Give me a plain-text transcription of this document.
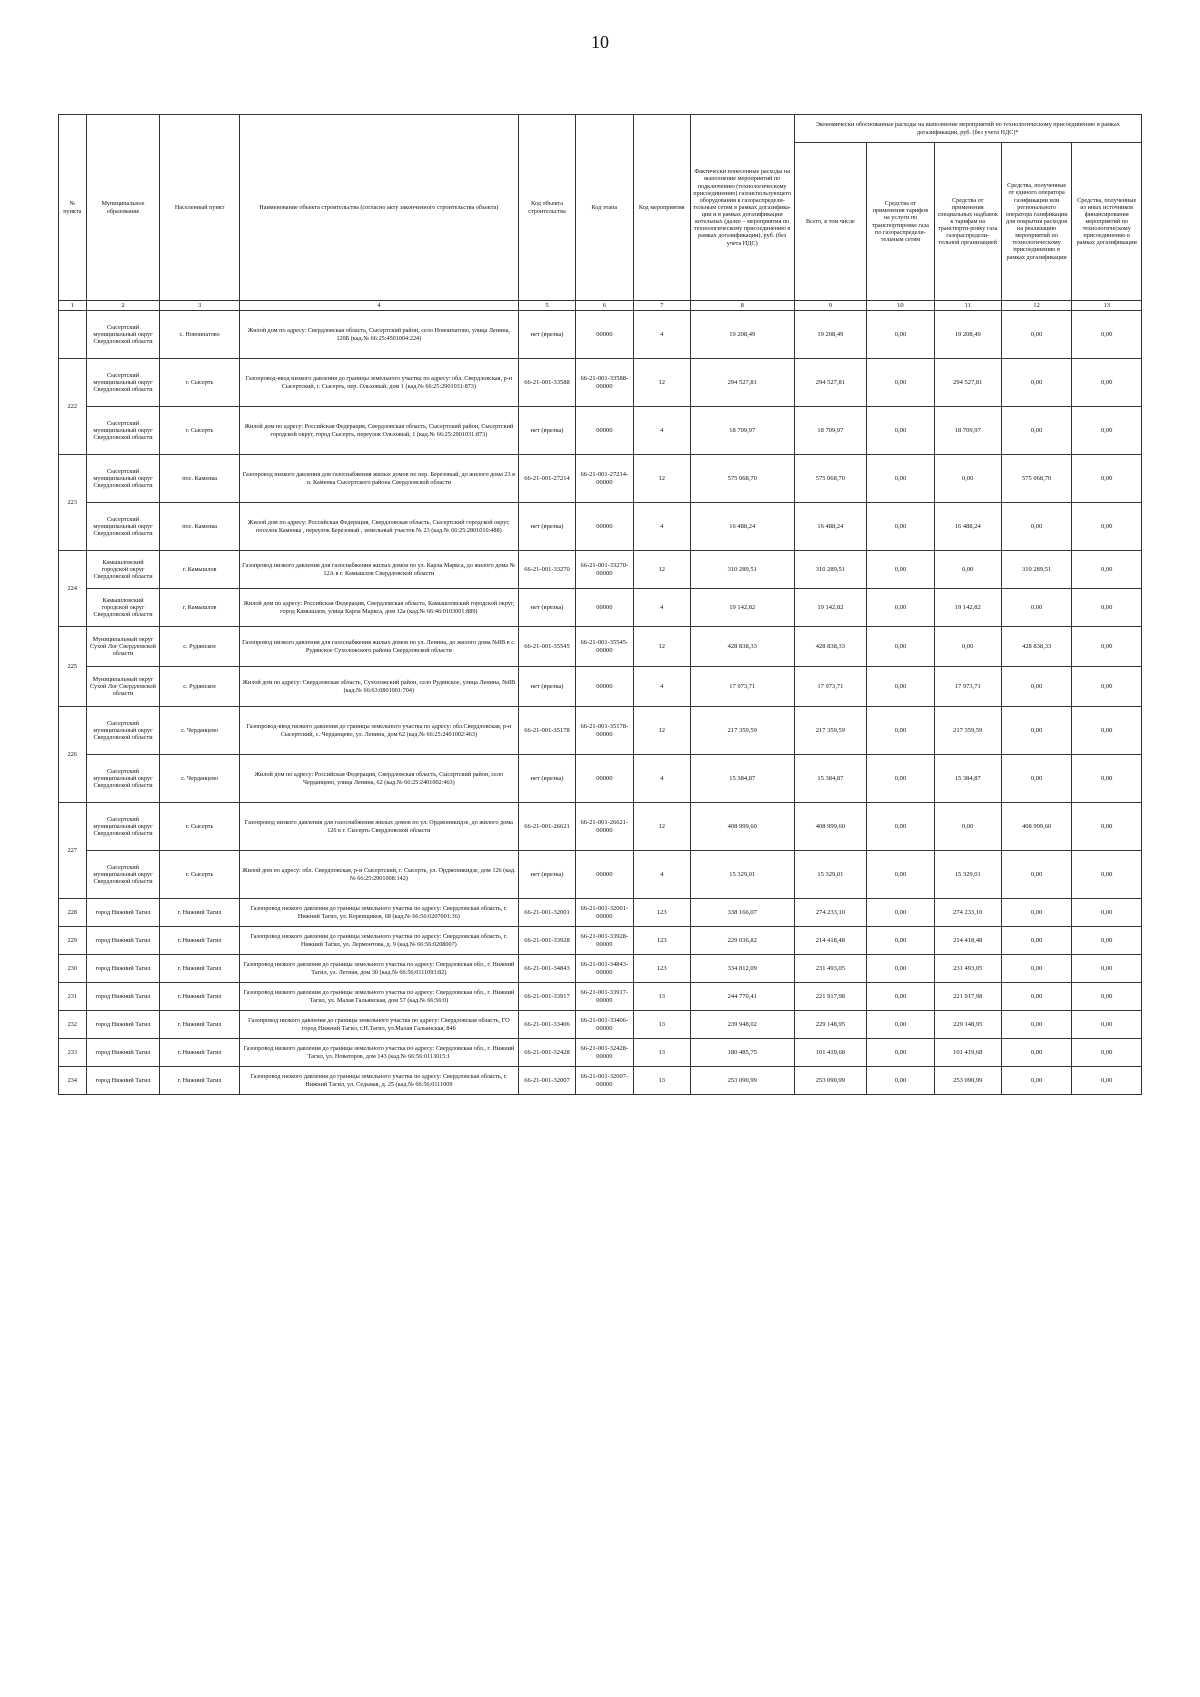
10
№ пункта	Муниципальное образование	Населенный пункт	Наименование объекта строительства (согласно акту законченного строительства объекта)	Код объекта строительства	Код этапа	Код мероприятия	Фактически понесенные расходы на выполнение мероприятий по подключению (технологическому присоединению) газоиспользующего оборудования к газораспредели-тельным сетям в рамках догазифика-ции и в рамках догазификации котельных (далее – мероприятия по технологическому присоединению в рамках догазификации), руб. (без учета НДС)	Экономически обоснованные расходы на выполнение мероприятий по технологическому присоединению в рамках догазификации, руб. (без учета НДС)*				
								Всего, в том числе	Средства от применения тарифов на услуги по транспортировке газа по газораспредели-тельным сетям	Средства от применения специальных надбавок к тарифам на транспорти-ровку газа газораспредели-тельной организацией	Средства, полученные от единого оператора газификации или регионального оператора газификации для покрытия расходов на реализацию мероприятий по технологическому присоединению в рамках догазификации	Средства, полученные из иных источников финансирования мероприятий по технологическому присоединению в рамках догазификации
1	2	3	4	5	6	7	8	9	10	11	12	13
	Сысертский муниципальный округ Свердловской области	с. Новоипатово	Жилой дом по адресу: Свердловская область, Сысертский район, село Новоипатово, улица Ленина, 120Б (кад.№ 66:25:4501004:224)	нет (врезка)	00000	4	19 208,49	19 208,49	0,00	19 208,49	0,00	0,00
222	Сысертский муниципальный округ Свердловской области	г. Сысерть	Газопровод-ввод низкого давления до границы земельного участка по адресу: обл. Свердловская, р-н Сысертский, г. Сысерть, пер. Ольховый, дом 1 (кад.№ 66:25:2901031:873)	66-21-001-33588	66-21-001-33588-00000	12	294 527,81	294 527,81	0,00	294 527,81	0,00	0,00
	Сысертский муниципальный округ Свердловской области	г. Сысерть	Жилой дом по адресу: Российская Федерация, Свердловская область, Сысертский район, Сысертский городской округ, город Сысерть, переулок Ольховый, 1 (кад.№ 66:25:2901031:873)	нет (врезка)	00000	4	18 709,97	18 709,97	0,00	18 709,97	0,00	0,00
223	Сысертский муниципальный округ Свердловской области	пос. Каменка	Газопровод низкого давления для газоснабжения жилых домов по пер. Березовый, до жилого дома 23 в п. Каменка Сысертского района Свердловской области	66-21-001-27214	66-21-001-27214-00000	12	575 068,70	575 068,70	0,00	0,00	575 068,70	0,00
	Сысертский муниципальный округ Свердловской области	пос. Каменка	Жилой дом по адресу: Российская Федерация, Свердловская область, Сысертский городской округ, поселок Каменка , переулок Березовый , земельный участок № 23 (кад.№ 66:25:2801010:488)	нет (врезка)	00000	4	16 488,24	16 488,24	0,00	16 488,24	0,00	0,00
224	Камышловский городской округ Свердловской области	г. Камышлов	Газопровод низкого давления для газоснабжения жилых домов по ул. Карла Маркса, до жилого дома № 12А в г. Камышлов Свердловской области	66-21-001-33270	66-21-001-33270-00000	12	310 289,51	310 289,51	0,00	0,00	310 289,51	0,00
	Камышловский городской округ Свердловской области	г. Камышлов	Жилой дом по адресу: Российская Федерация, Свердловская область, Камышловский городской округ, город Камышлов, улица Карла Маркса, дом 12а (кад.№ 66:46:0103001:889)	нет (врезка)	00000	4	19 142,82	19 142,82	0,00	19 142,82	0,00	0,00
225	Муниципальный округ Сухой Лог Свердловской области	с. Рудянское	Газопровод низкого давления для газоснабжения жилых домов по ул. Ленина, до жилого дома №8В в с. Рудянское Сухоложского района Свердловской области	66-21-001-35545	66-21-001-35545-00000	12	428 838,33	428 838,33	0,00	0,00	428 838,33	0,00
	Муниципальный округ Сухой Лог Свердловской области	с. Рудянское	Жилой дом по адресу: Свердловская область, Сухоложский район, село Рудянское, улица Ленина, №8В (кад.№ 66:63:0801001:704)	нет (врезка)	00000	4	17 973,71	17 973,71	0,00	17 973,71	0,00	0,00
226	Сысертский муниципальный округ Свердловской области	с. Черданцево	Газопровод-ввод низкого давления до границы земельного участка по адресу: обл.Свердловская, р-н Сысертский, с. Черданцево, ул. Ленина, дом 62 (кад.№ 66:25:2401002:463)	66-21-001-35178	66-21-001-35178-00000	12	217 359,59	217 359,59	0,00	217 359,59	0,00	0,00
	Сысертский муниципальный округ Свердловской области	с. Черданцево	Жилой дом по адресу: Российская Федерация, Свердловская область, Сысертский район, село Черданцево, улица Ленина, 62 (кад.№ 66:25:2401002:463)	нет (врезка)	00000	4	15 384,87	15 384,87	0,00	15 384,87	0,00	0,00
227	Сысертский муниципальный округ Свердловской области	г. Сысерть	Газопровод низкого давления для газоснабжения жилых домов по ул. Орджоникидзе, до жилого дома 126 в г. Сысерть Свердловской области	66-21-001-26621	66-21-001-26621-00000	12	408 999,60	408 999,60	0,00	0,00	408 999,60	0,00
	Сысертский муниципальный округ Свердловской области	г. Сысерть	Жилой дом по адресу: обл. Свердловская, р-н Сысертский, г. Сысерть, ул. Орджоникидзе, дом 126 (кад.№ 66:25:2901008:142)	нет (врезка)	00000	4	15 329,01	15 329,01	0,00	15 329,01	0,00	0,00
228	город Нижний Тагил	г. Нижний Тагил	Газопровод низкого давления до границы земельного участка по адресу: Свердловская область, г. Нижний Тагил, ул. Коренщиков, 68 (кад.№ 66:56:0207001:36)	66-21-001-32001	66-21-001-32001-00000	123	338 166,07	274 233,10	0,00	274 233,10	0,00	0,00
229	город Нижний Тагил	г. Нижний Тагил	Газопровод низкого давления до границы земельного участка по адресу: Свердловская область, г. Нижний Тагил, ул. Лермонтова, д. 9 (кад.№ 66:56:0208007)	66-21-001-33928	66-21-001-33928-00000	123	229 036,82	214 418,48	0,00	214 418,48	0,00	0,00
230	город Нижний Тагил	г. Нижний Тагил	Газопровод низкого давления до границы земельного участка по адресу: Свердловская обл., г. Нижний Тагил, ул. Летная, дом 30 (кад.№ 66:56:0111093:82)	66-21-001-34843	66-21-001-34843-00000	123	334 812,09	231 493,05	0,00	231 493,05	0,00	0,00
231	город Нижний Тагил	г. Нижний Тагил	Газопровод низкого давления до границы земельного участка по адресу: Свердловская обл., г. Нижний Тагил, ул. Малая Гальянская, дом 57 (кад.№ 66:56:0)	66-21-001-33917	66-21-001-33917-00000	13	244 770,41	221 917,98	0,00	221 917,98	0,00	0,00
232	город Нижний Тагил	г. Нижний Тагил	Газопровод низкого давления до границы земельного участка по адресу: Свердловская область, ГО город Нижний Тагил, г.Н.Тагил, ул.Малая Гальянская, 84б	66-21-001-33406	66-21-001-33406-00000	13	239 948,02	229 148,95	0,00	229 148,95	0,00	0,00
233	город Нижний Тагил	г. Нижний Тагил	Газопровод низкого давления до границы земельного участка по адресу: Свердловская обл., г. Нижний Тагил, ул. Новаторов, дом 143 (кад.№ 66:56:0113015:1	66-21-001-32428	66-21-001-32428-00000	13	180 485,75	101 419,68	0,00	101 419,68	0,00	0,00
234	город Нижний Тагил	г. Нижний Тагил	Газопровод низкого давления до границы земельного участка по адресу: Свердловская область, г. Нижний Тагил, ул. Седьмая, д. 25 (кад.№ 66:56:0111009	66-21-001-32007	66-21-001-32007-00000	13	253 090,99	253 090,99	0,00	253 090,99	0,00	0,00
